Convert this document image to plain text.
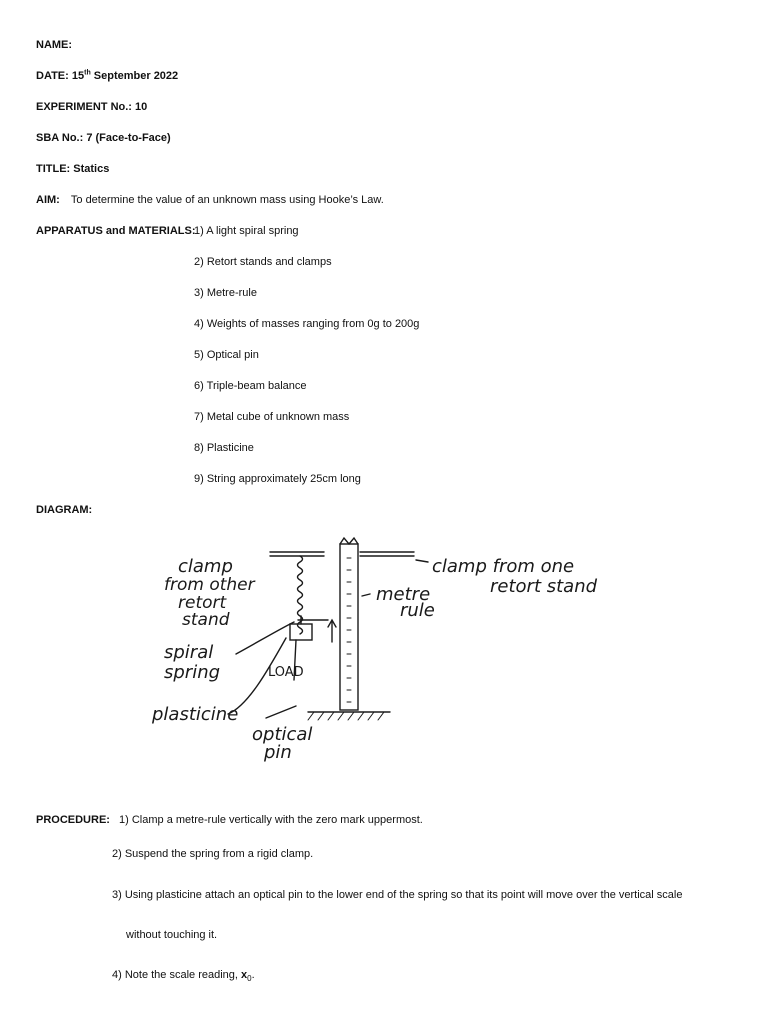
NAME:
DATE: 15th September 2022
EXPERIMENT No.: 10
SBA No.: 7 (Face-to-Face)
TITLE: Statics
AIM: To determine the value of an unknown mass using Hooke’s Law.
APPARATUS and MATERIALS:
1) A light spiral spring
2) Retort stands and clamps
3) Metre-rule
4) Weights of masses ranging from 0g to 200g
5) Optical pin
6) Triple-beam balance
7) Metal cube of unknown mass
8) Plasticine
9) String approximately 25cm long
DIAGRAM:
clamp
from other
retort
stand
clamp from one
retort stand
metre
rule
spiral
spring	LOAD
plasticine
optical
pin
PROCEDURE: 1) Clamp a metre-rule vertically with the zero mark uppermost.
2) Suspend the spring from a rigid clamp.
3) Using plasticine attach an optical pin to the lower end of the spring so that its point will move over the vertical scale
without touching it.
4) Note the scale reading, $x_0$.
